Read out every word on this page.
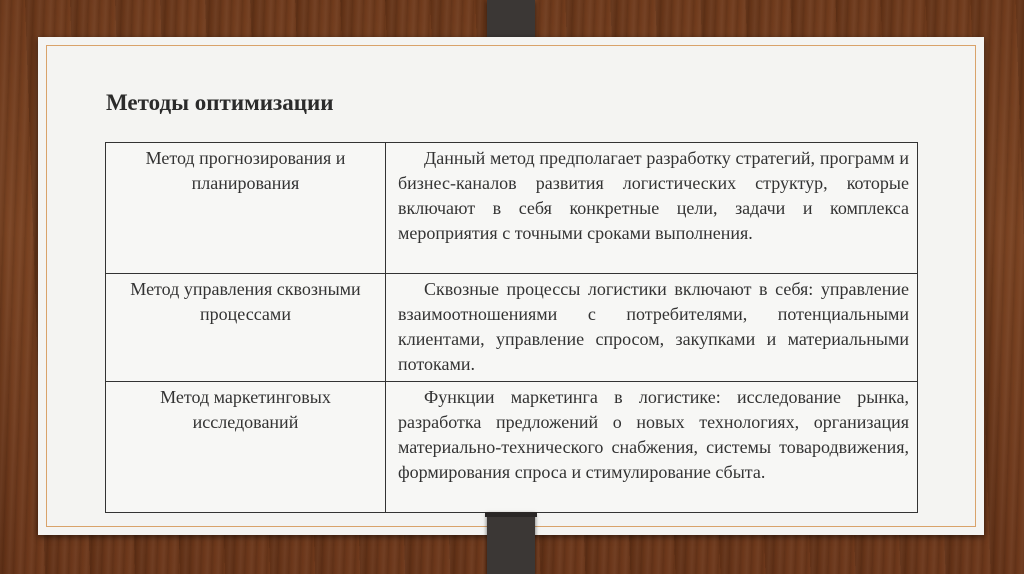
Методы оптимизации
Метод прогнозирования и планирования	Данный метод предполагает разработку стратегий, программ и бизнес-каналов развития логистических структур, которые включают в себя конкретные цели, задачи и комплекса мероприятия с точными сроками выполнения.

Метод управления сквозными процессами	Сквозные процессы логистики включают в себя: управление взаимоотношениями с потребителями, потенциальными клиентами, управление спросом, закупками и материальными потоками.

Метод маркетинговых исследований	Функции маркетинга в логистике: исследование рынка, разработка предложений о новых технологиях, организация материально-технического снабжения, системы товародвижения, формирования спроса и стимулирование сбыта.
